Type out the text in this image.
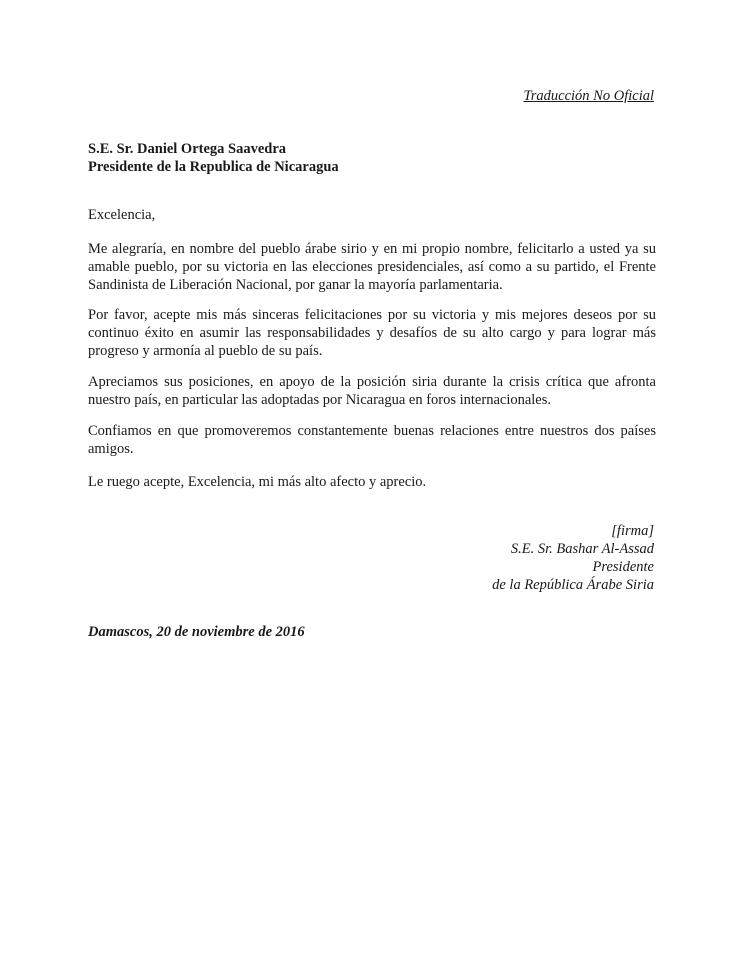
Traducción No Oficial
S.E. Sr. Daniel Ortega Saavedra
Presidente de la Republica de Nicaragua
Excelencia,
Me alegraría, en nombre del pueblo árabe sirio y en mi propio nombre, felicitarlo a usted ya su amable pueblo, por su victoria en las elecciones presidenciales, así como a su partido, el Frente Sandinista de Liberación Nacional, por ganar la mayoría parlamentaria.
Por favor, acepte mis más sinceras felicitaciones por su victoria y mis mejores deseos por su continuo éxito en asumir las responsabilidades y desafíos de su alto cargo y para lograr más progreso y armonía al pueblo de su país.
Apreciamos sus posiciones, en apoyo de la posición siria durante la crisis crítica que afronta nuestro país, en particular las adoptadas por Nicaragua en foros internacionales.
Confiamos en que promoveremos constantemente buenas relaciones entre nuestros dos países amigos.
Le ruego acepte, Excelencia, mi más alto afecto y aprecio.
[firma]
S.E. Sr. Bashar Al-Assad
Presidente
de la República Árabe Siria
Damascos, 20 de noviembre de 2016
